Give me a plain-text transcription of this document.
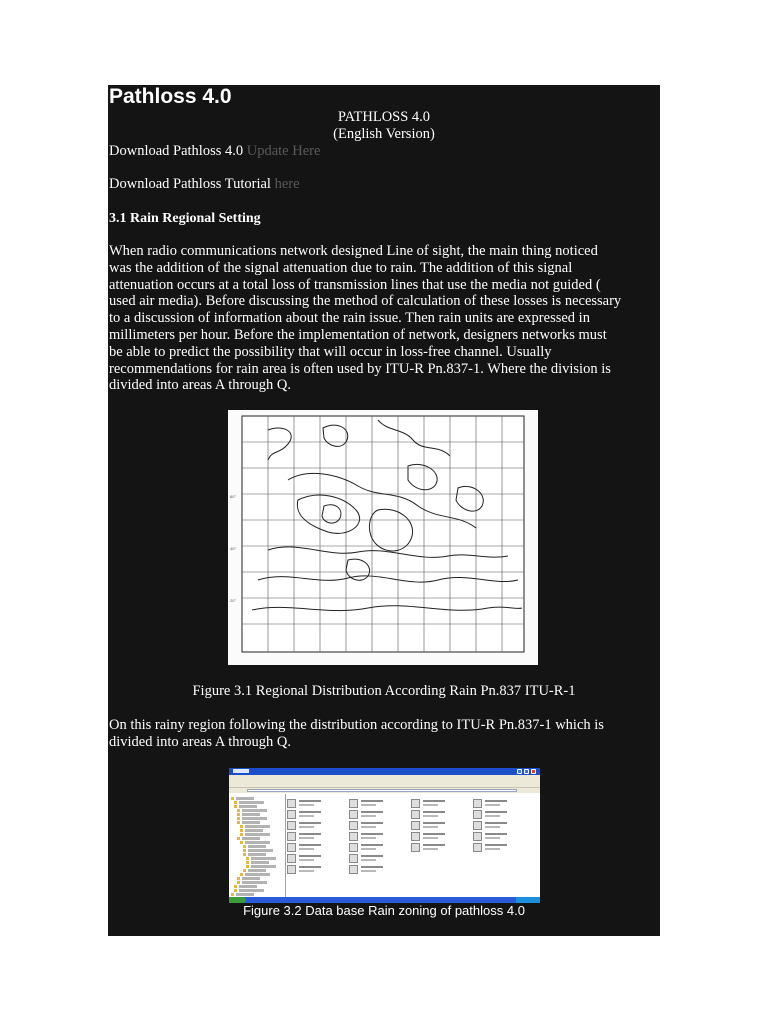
Pathloss 4.0
PATHLOSS 4.0
(English Version)
Download Pathloss 4.0 Update Here
Download Pathloss Tutorial here
3.1 Rain Regional Setting

When radio communications network designed Line of sight, the main thing noticed
was the addition of the signal attenuation due to rain. The addition of this signal
attenuation occurs at a total loss of transmission lines that use the media not guided (
used air media). Before discussing the method of calculation of these losses is necessary
to a discussion of information about the rain issue. Then rain units are expressed in
millimeters per hour. Before the implementation of network, designers networks must
be able to predict the possibility that will occur in loss-free channel. Usually
recommendations for rain area is often used by ITU-R Pn.837-1. Where the division is
divided into areas A through Q.

60°
40°
20°
Figure 3.1 Regional Distribution According Rain Pn.837 ITU-R-1

On this rainy region following the distribution according to ITU-R Pn.837-1 which is
divided into areas A through Q.

Figure 3.2 Data base Rain zoning of pathloss 4.0
